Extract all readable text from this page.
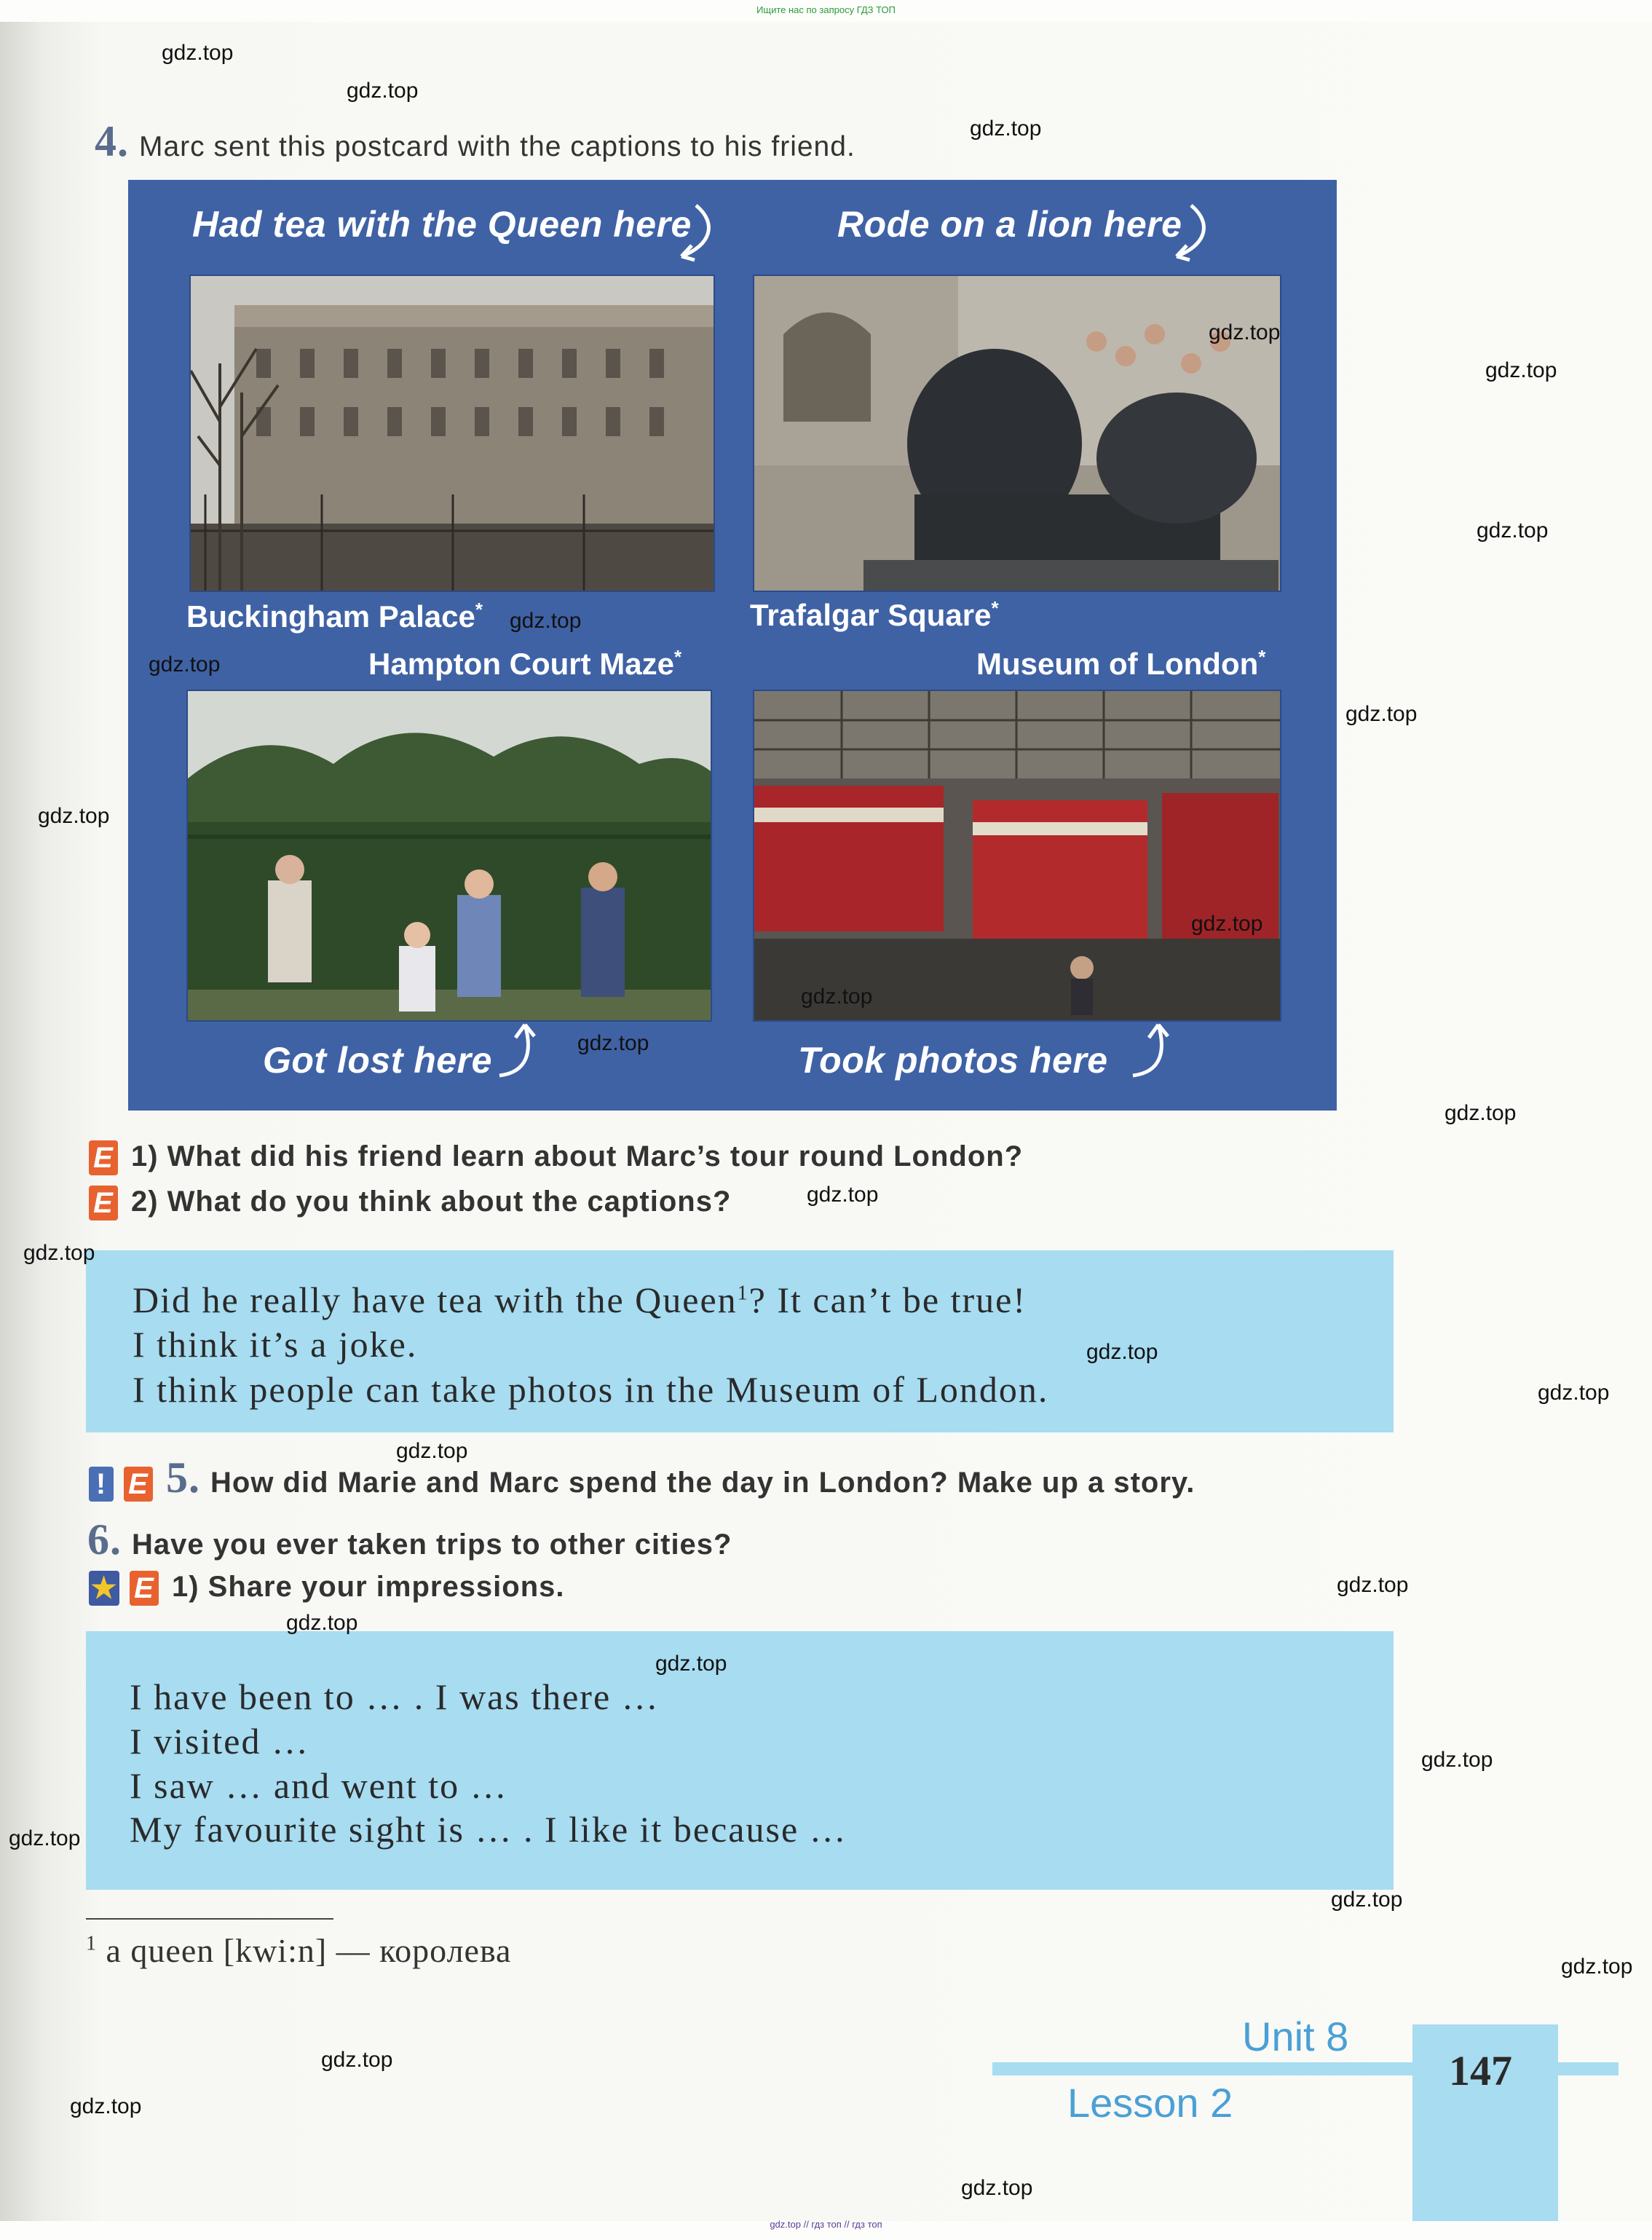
Ищите нас по запросу ГДЗ ТОП
4. Marc sent this postcard with the captions to his friend.
Had tea with the Queen here	Rode on a lion here
Buckingham Palace*	Trafalgar Square*
Hampton Court Maze*	Museum of London*
Got lost here	Took photos here
E 1) What did his friend learn about Marc’s tour round London?
E 2) What do you think about the captions?
Did he really have tea with the Queen$^1$? It can’t be true!
I think it’s a joke.
I think people can take photos in the Museum of London.
! E 5. How did Marie and Marc spend the day in London? Make up a story.
6. Have you ever taken trips to other cities?
★ E 1) Share your impressions.
I have been to … . I was there …
I visited …
I saw … and went to …
My favourite sight is … . I like it because …
$^1$ a queen [kwi:n] — королева
Unit 8
Lesson 2
147
gdz.top
gdz.top
gdz.top
gdz.top
gdz.top
gdz.top
gdz.top
gdz.top
gdz.top
gdz.top
gdz.top
gdz.top
gdz.top
gdz.top
gdz.top
gdz.top
gdz.top
gdz.top
gdz.top
gdz.top
gdz.top
gdz.top
gdz.top
gdz.top
gdz.top
gdz.top
gdz.top
gdz.top
gdz.top
gdz.top // гдз топ // гдз топ
